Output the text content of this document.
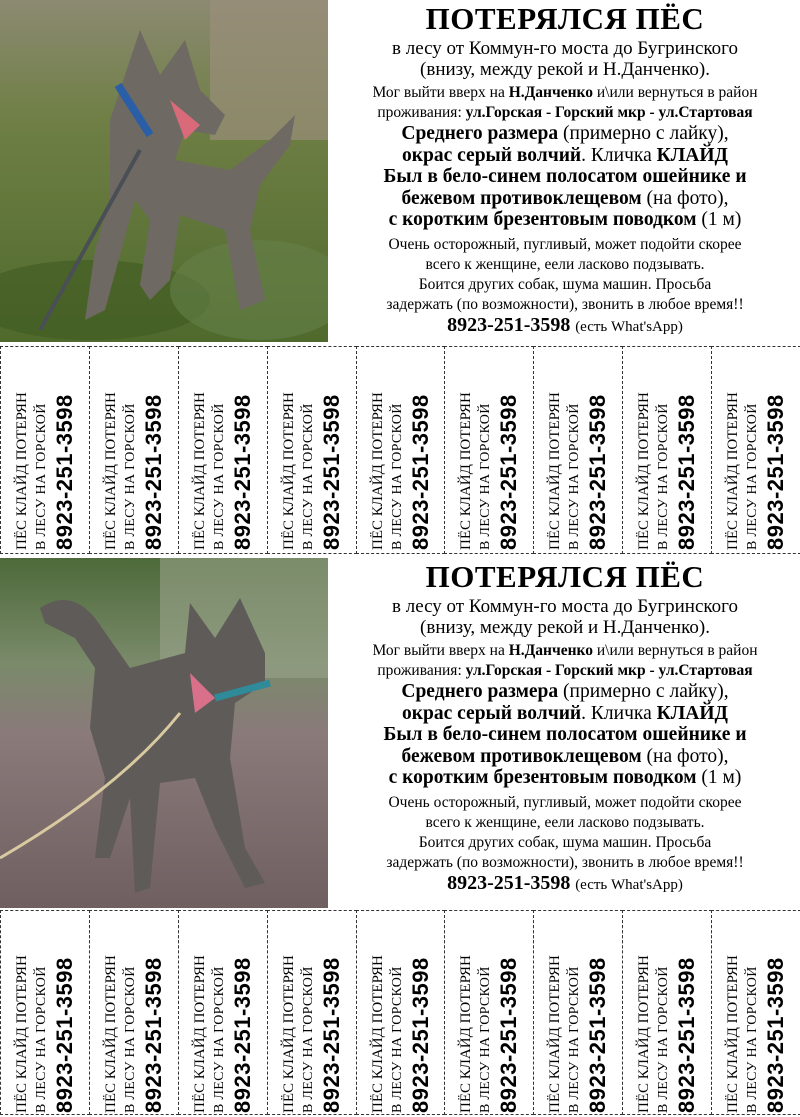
ПОТЕРЯЛСЯ ПЁС

в лесу от Коммун-го моста до Бугринского

(внизу, между рекой и Н.Данченко).

Мог выйти вверх на Н.Данченко и\или вернуться в район

проживания: ул.Горская - Горский мкр - ул.Стартовая

Среднего размера (примерно с лайку),

окрас серый волчий. Кличка КЛАЙД

Был в бело-синем полосатом ошейнике и

бежевом противоклещевом (на фото),

с коротким брезентовым поводком (1 м)

Очень осторожный, пугливый, может подойти скорее

всего к женщине, еели ласково подзывать.

Боится других собак, шума машин. Просьба

задержать (по возможности), звонить в любое время!!

8923-251-3598 (есть What'sApp)

ПЁС КЛАЙД ПОТЕРЯН В ЛЕСУ НА ГОРСКОЙ 8923-251-3598 ПЁС КЛАЙД ПОТЕРЯН В ЛЕСУ НА ГОРСКОЙ 8923-251-3598 ПЁС КЛАЙД ПОТЕРЯН В ЛЕСУ НА ГОРСКОЙ 8923-251-3598 ПЁС КЛАЙД ПОТЕРЯН В ЛЕСУ НА ГОРСКОЙ 8923-251-3598 ПЁС КЛАЙД ПОТЕРЯН В ЛЕСУ НА ГОРСКОЙ 8923-251-3598 ПЁС КЛАЙД ПОТЕРЯН В ЛЕСУ НА ГОРСКОЙ 8923-251-3598 ПЁС КЛАЙД ПОТЕРЯН В ЛЕСУ НА ГОРСКОЙ 8923-251-3598 ПЁС КЛАЙД ПОТЕРЯН В ЛЕСУ НА ГОРСКОЙ 8923-251-3598 ПЁС КЛАЙД ПОТЕРЯН В ЛЕСУ НА ГОРСКОЙ 8923-251-3598

ПОТЕРЯЛСЯ ПЁС

в лесу от Коммун-го моста до Бугринского

(внизу, между рекой и Н.Данченко).

Мог выйти вверх на Н.Данченко и\или вернуться в район

проживания: ул.Горская - Горский мкр - ул.Стартовая

Среднего размера (примерно с лайку),

окрас серый волчий. Кличка КЛАЙД

Был в бело-синем полосатом ошейнике и

бежевом противоклещевом (на фото),

с коротким брезентовым поводком (1 м)

Очень осторожный, пугливый, может подойти скорее

всего к женщине, еели ласково подзывать.

Боится других собак, шума машин. Просьба

задержать (по возможности), звонить в любое время!!

8923-251-3598 (есть What'sApp)

ПЁС КЛАЙД ПОТЕРЯН В ЛЕСУ НА ГОРСКОЙ 8923-251-3598 ПЁС КЛАЙД ПОТЕРЯН В ЛЕСУ НА ГОРСКОЙ 8923-251-3598 ПЁС КЛАЙД ПОТЕРЯН В ЛЕСУ НА ГОРСКОЙ 8923-251-3598 ПЁС КЛАЙД ПОТЕРЯН В ЛЕСУ НА ГОРСКОЙ 8923-251-3598 ПЁС КЛАЙД ПОТЕРЯН В ЛЕСУ НА ГОРСКОЙ 8923-251-3598 ПЁС КЛАЙД ПОТЕРЯН В ЛЕСУ НА ГОРСКОЙ 8923-251-3598 ПЁС КЛАЙД ПОТЕРЯН В ЛЕСУ НА ГОРСКОЙ 8923-251-3598 ПЁС КЛАЙД ПОТЕРЯН В ЛЕСУ НА ГОРСКОЙ 8923-251-3598 ПЁС КЛАЙД ПОТЕРЯН В ЛЕСУ НА ГОРСКОЙ 8923-251-3598
